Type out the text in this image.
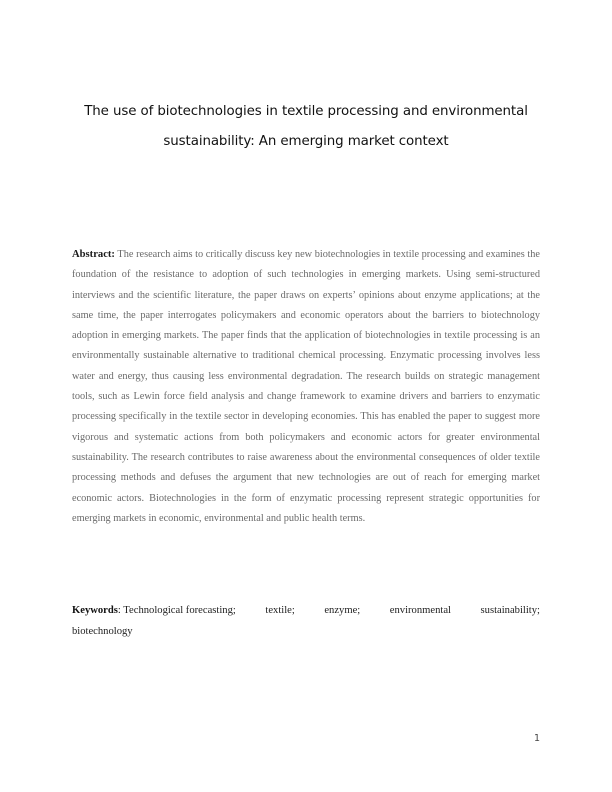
The use of biotechnologies in textile processing and environmental

sustainability: An emerging market context

Abstract: The research aims to critically discuss key new biotechnologies in textile processing and examines the foundation of the resistance to adoption of such technologies in emerging markets. Using semi-structured interviews and the scientific literature, the paper draws on experts’ opinions about enzyme applications; at the same time, the paper interrogates policymakers and economic operators about the barriers to biotechnology adoption in emerging markets. The paper finds that the application of biotechnologies in textile processing is an environmentally sustainable alternative to traditional chemical processing. Enzymatic processing involves less water and energy, thus causing less environmental degradation. The research builds on strategic management tools, such as Lewin force field analysis and change framework to examine drivers and barriers to enzymatic processing specifically in the textile sector in developing economies. This has enabled the paper to suggest more vigorous and systematic actions from both policymakers and economic actors for greater environmental sustainability. The research contributes to raise awareness about the environmental consequences of older textile processing methods and defuses the argument that new technologies are out of reach for emerging market economic actors. Biotechnologies in the form of enzymatic processing represent strategic opportunities for emerging markets in economic, environmental and public health terms.

Keywords: Technological forecasting;	textile;	enzyme;	environmental	sustainability;
biotechnology
1
